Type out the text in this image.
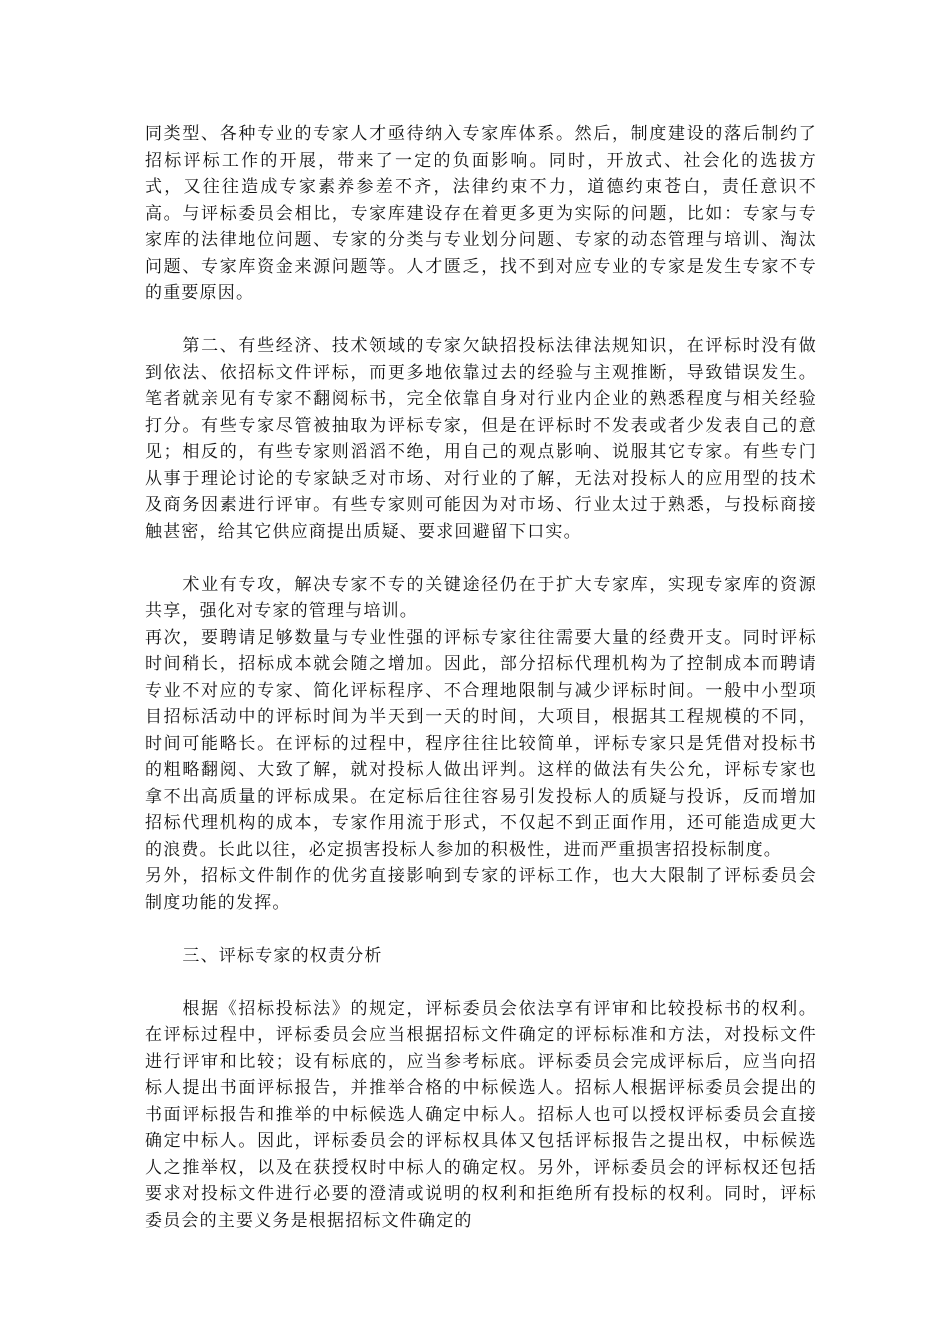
同类型、各种专业的专家人才亟待纳入专家库体系。然后，制度建设的落后制约了招标评标工作的开展，带来了一定的负面影响。同时，开放式、社会化的选拔方式，又往往造成专家素养参差不齐，法律约束不力，道德约束苍白，责任意识不高。与评标委员会相比，专家库建设存在着更多更为实际的问题，比如：专家与专家库的法律地位问题、专家的分类与专业划分问题、专家的动态管理与培训、淘汰问题、专家库资金来源问题等。人才匮乏，找不到对应专业的专家是发生专家不专的重要原因。

第二、有些经济、技术领域的专家欠缺招投标法律法规知识，在评标时没有做到依法、依招标文件评标，而更多地依靠过去的经验与主观推断，导致错误发生。笔者就亲见有专家不翻阅标书，完全依靠自身对行业内企业的熟悉程度与相关经验打分。有些专家尽管被抽取为评标专家，但是在评标时不发表或者少发表自己的意见；相反的，有些专家则滔滔不绝，用自己的观点影响、说服其它专家。有些专门从事于理论讨论的专家缺乏对市场、对行业的了解，无法对投标人的应用型的技术及商务因素进行评审。有些专家则可能因为对市场、行业太过于熟悉，与投标商接触甚密，给其它供应商提出质疑、要求回避留下口实。

术业有专攻，解决专家不专的关键途径仍在于扩大专家库，实现专家库的资源共享，强化对专家的管理与培训。

再次，要聘请足够数量与专业性强的评标专家往往需要大量的经费开支。同时评标时间稍长，招标成本就会随之增加。因此，部分招标代理机构为了控制成本而聘请专业不对应的专家、简化评标程序、不合理地限制与减少评标时间。一般中小型项目招标活动中的评标时间为半天到一天的时间，大项目，根据其工程规模的不同，时间可能略长。在评标的过程中，程序往往比较简单，评标专家只是凭借对投标书的粗略翻阅、大致了解，就对投标人做出评判。这样的做法有失公允，评标专家也拿不出高质量的评标成果。在定标后往往容易引发投标人的质疑与投诉，反而增加招标代理机构的成本，专家作用流于形式，不仅起不到正面作用，还可能造成更大的浪费。长此以往，必定损害投标人参加的积极性，进而严重损害招投标制度。

另外，招标文件制作的优劣直接影响到专家的评标工作，也大大限制了评标委员会制度功能的发挥。

三、评标专家的权责分析

根据《招标投标法》的规定，评标委员会依法享有评审和比较投标书的权利。在评标过程中，评标委员会应当根据招标文件确定的评标标准和方法，对投标文件进行评审和比较；设有标底的，应当参考标底。评标委员会完成评标后，应当向招标人提出书面评标报告，并推举合格的中标候选人。招标人根据评标委员会提出的书面评标报告和推举的中标候选人确定中标人。招标人也可以授权评标委员会直接确定中标人。因此，评标委员会的评标权具体又包括评标报告之提出权，中标候选人之推举权，以及在获授权时中标人的确定权。另外，评标委员会的评标权还包括要求对投标文件进行必要的澄清或说明的权利和拒绝所有投标的权利。同时，评标委员会的主要义务是根据招标文件确定的
